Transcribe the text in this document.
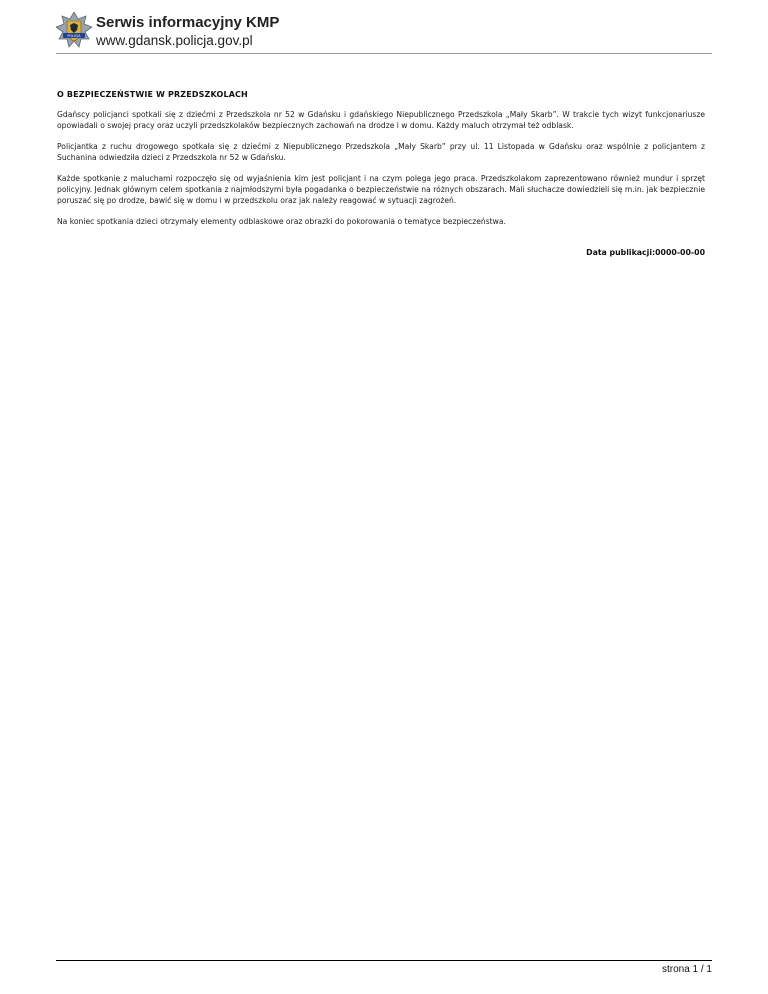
POLICJA
Serwis informacyjny KMP
www.gdansk.policja.gov.pl
O BEZPIECZEŃSTWIE W PRZEDSZKOLACH

Gdańscy policjanci spotkali się z dziećmi z Przedszkola nr 52 w Gdańsku i gdańskiego Niepublicznego Przedszkola „Mały Skarb”. W trakcie tych wizyt funkcjonariusze opowiadali o swojej pracy oraz uczyli przedszkolaków bezpiecznych zachowań na drodze i w domu. Każdy maluch otrzymał też odblask.

Policjantka z ruchu drogowego spotkała się z dziećmi z Niepublicznego Przedszkola „Mały Skarb” przy ul. 11 Listopada w Gdańsku oraz wspólnie z policjantem z Suchanina odwiedziła dzieci z Przedszkola nr 52 w Gdańsku.

Każde spotkanie z maluchami rozpoczęło się od wyjaśnienia kim jest policjant i na czym polega jego praca. Przedszkolakom zaprezentowano również mundur i sprzęt policyjny. Jednak głównym celem spotkania z najmłodszymi była pogadanka o bezpieczeństwie na różnych obszarach. Mali słuchacze dowiedzieli się m.in. jak bezpiecznie poruszać się po drodze, bawić się w domu i w przedszkolu oraz jak należy reagować w sytuacji zagrożeń.

Na koniec spotkania dzieci otrzymały elementy odblaskowe oraz obrazki do pokorowania o tematyce bezpieczeństwa.

Data publikacji:0000-00-00
strona 1 / 1
